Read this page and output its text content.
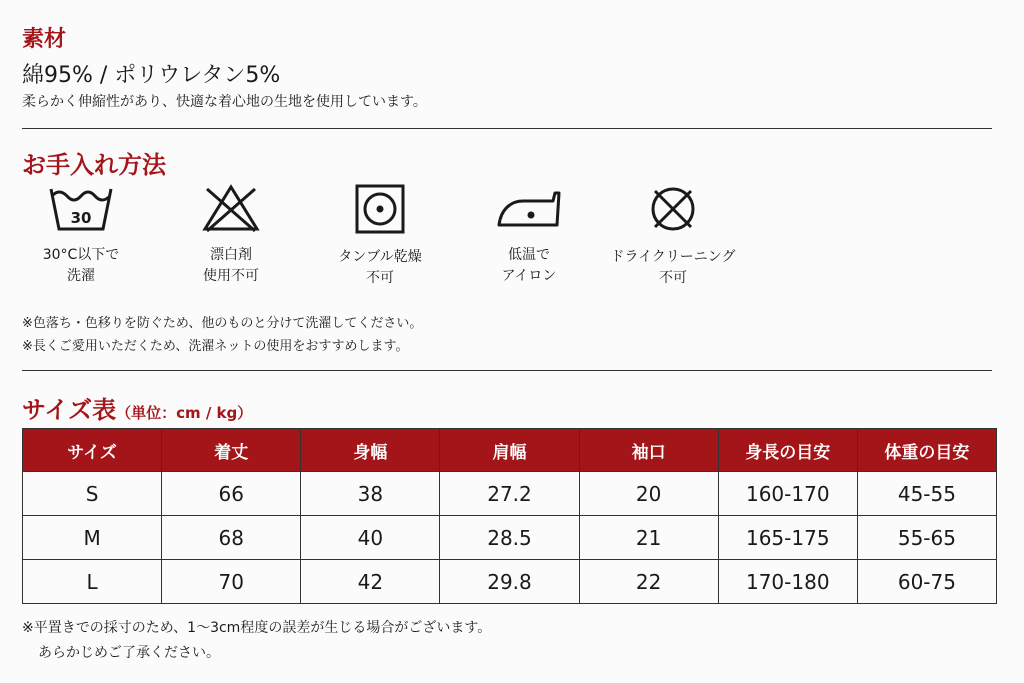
素材
綿95% / ポリウレタン5%
柔らかく伸縮性があり、快適な着心地の生地を使用しています。
お手入れ方法
30
30°C以下で
洗濯
漂白剤
使用不可
タンブル乾燥
不可
低温で
アイロン
ドライクリーニング
不可
※色落ち・色移りを防ぐため、他のものと分けて洗濯してください。
※長くご愛用いただくため、洗濯ネットの使用をおすすめします。
サイズ表（単位：cm / kg）
サイズ	着丈	身幅	肩幅	袖口	身長の目安	体重の目安
S	66	38	27.2	20	160-170	45-55
M	68	40	28.5	21	165-175	55-65
L	70	42	29.8	22	170-180	60-75
※平置きでの採寸のため、1〜3cm程度の誤差が生じる場合がございます。
あらかじめご了承ください。
